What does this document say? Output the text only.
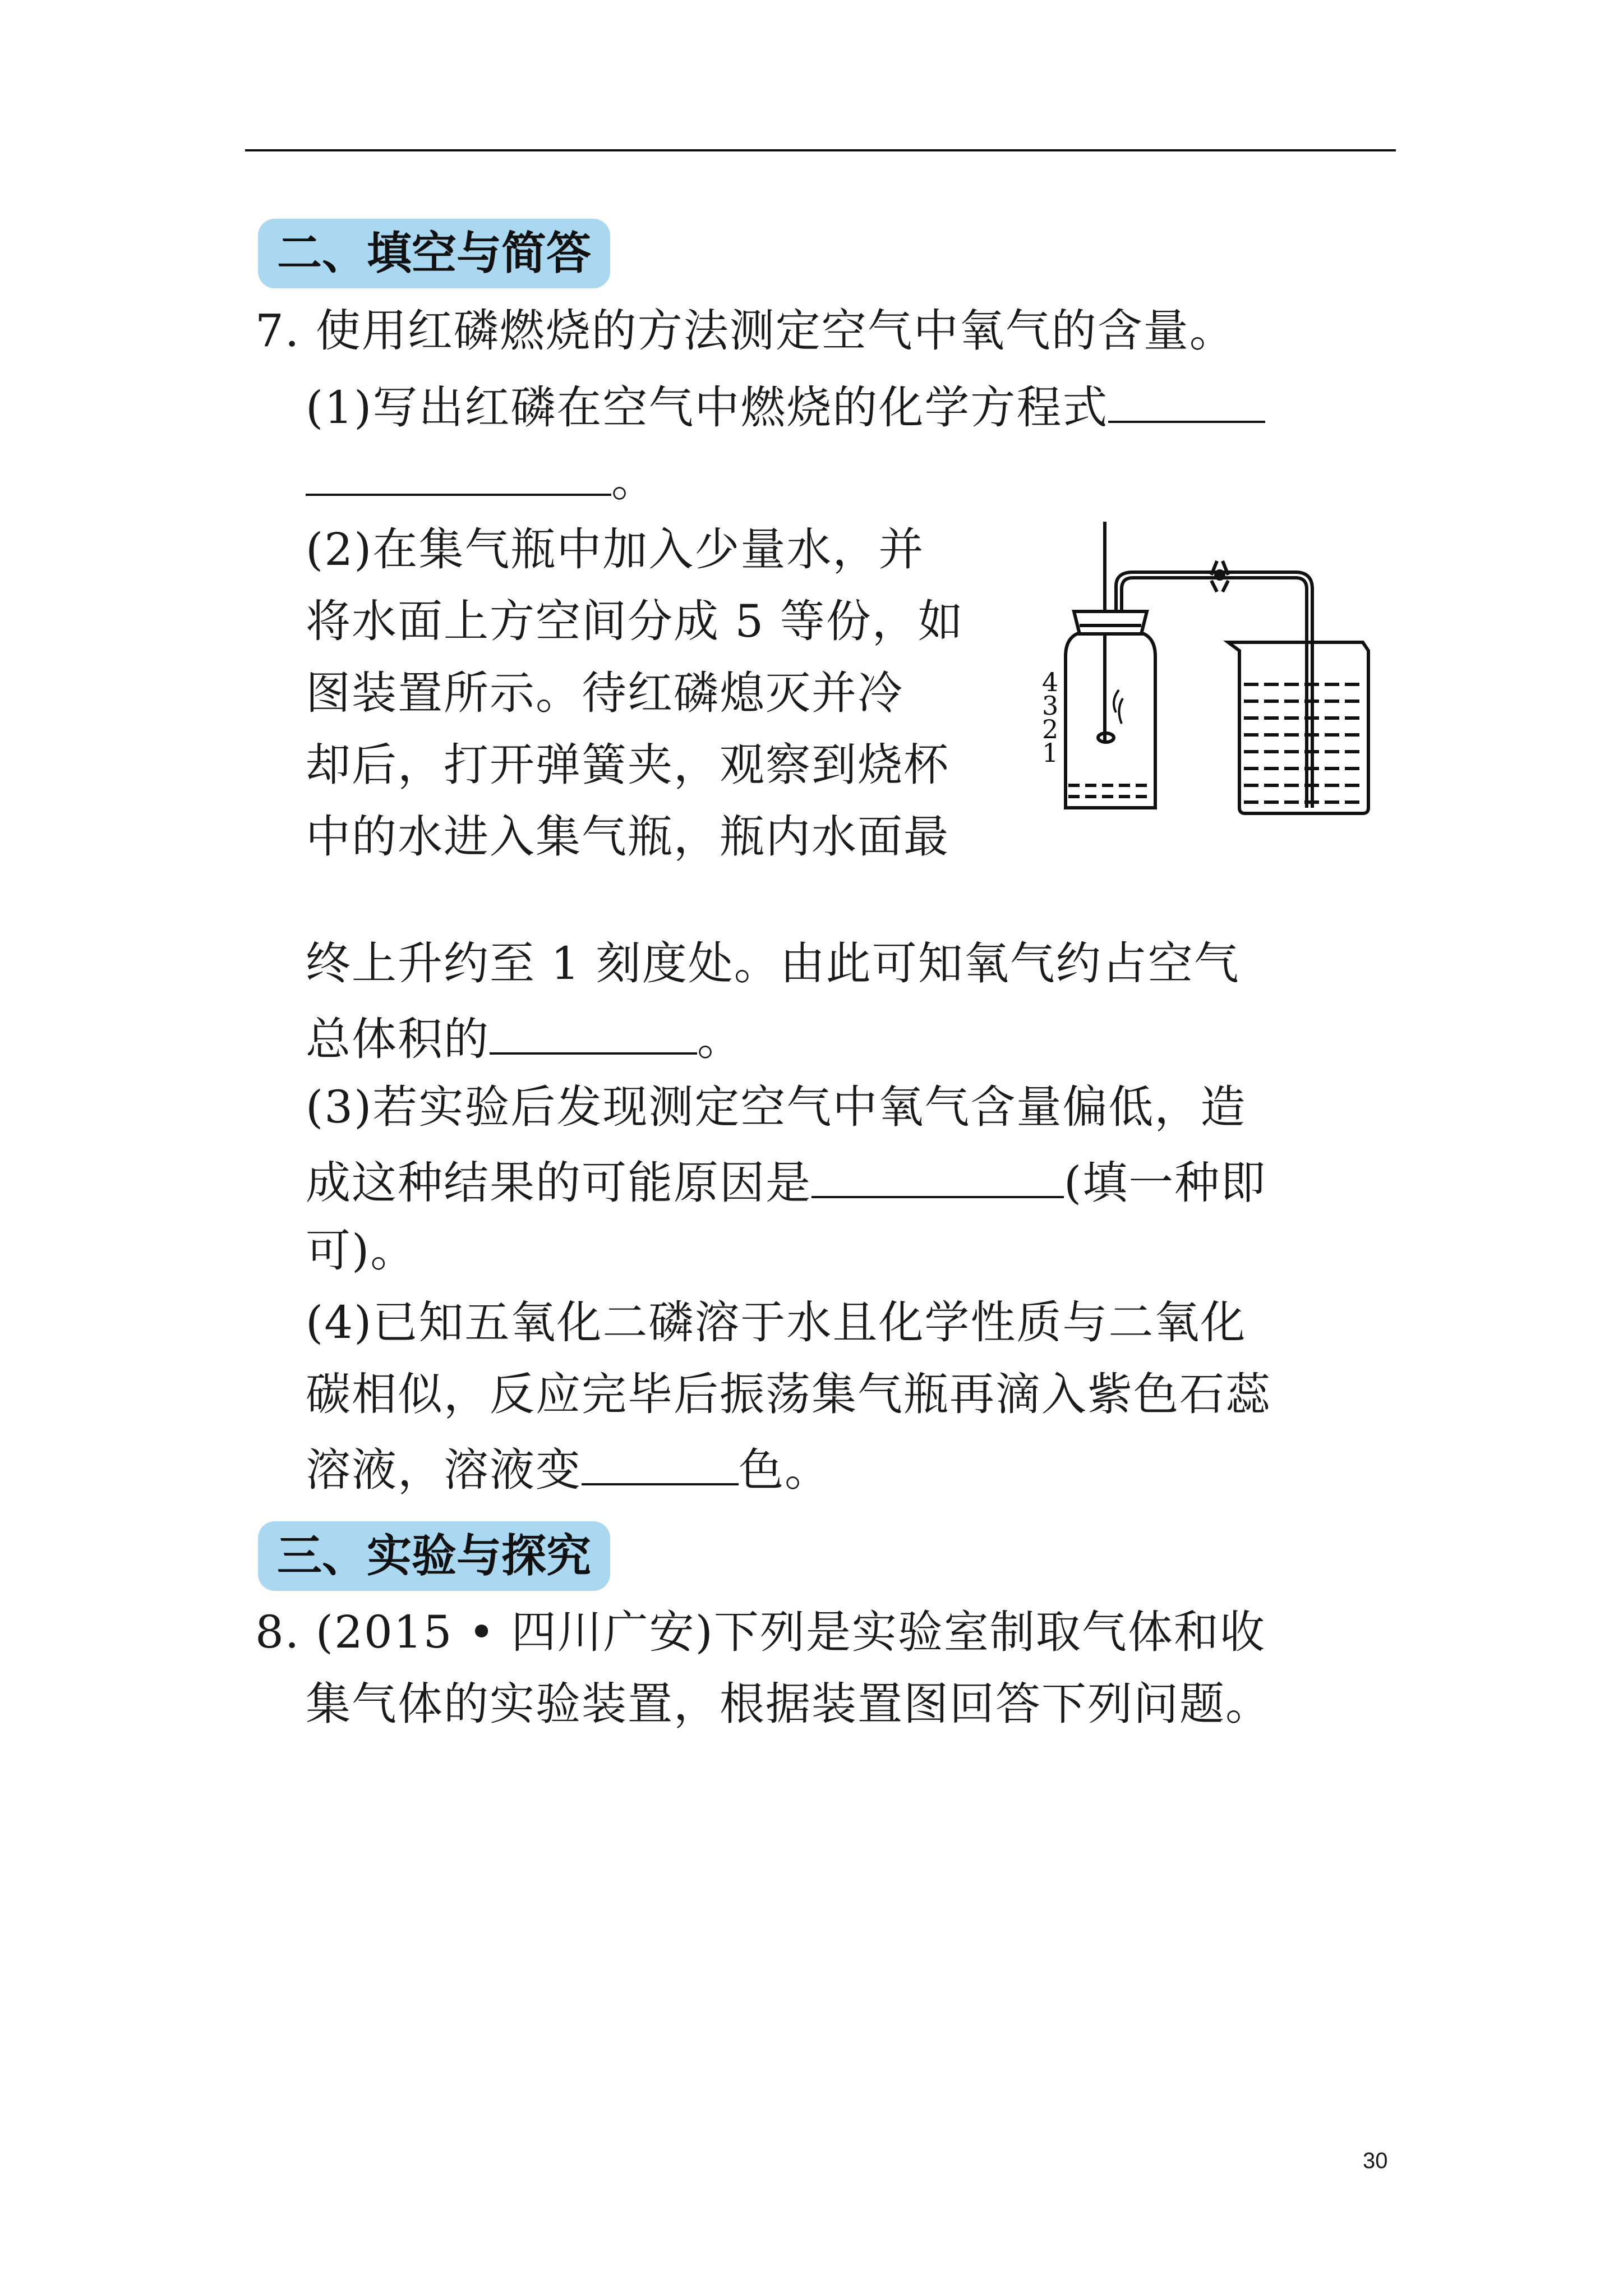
二、填空与简答
7. 使用红磷燃烧的方法测定空气中氧气的含量。
(1)写出红磷在空气中燃烧的化学方程式
。
(2)在集气瓶中加入少量水，并
将水面上方空间分成 5 等份，如
图装置所示。待红磷熄灭并冷
却后，打开弹簧夹，观察到烧杯
中的水进入集气瓶，瓶内水面最
4
3
2
1
终上升约至 1 刻度处。由此可知氧气约占空气
总体积的	。
(3)若实验后发现测定空气中氧气含量偏低，造
成这种结果的可能原因是	(填一种即
可)。
(4)已知五氧化二磷溶于水且化学性质与二氧化
碳相似，反应完毕后振荡集气瓶再滴入紫色石蕊
溶液，溶液变	色。
三、实验与探究
8. (2015 • 四川广安)下列是实验室制取气体和收
集气体的实验装置，根据装置图回答下列问题。
30
